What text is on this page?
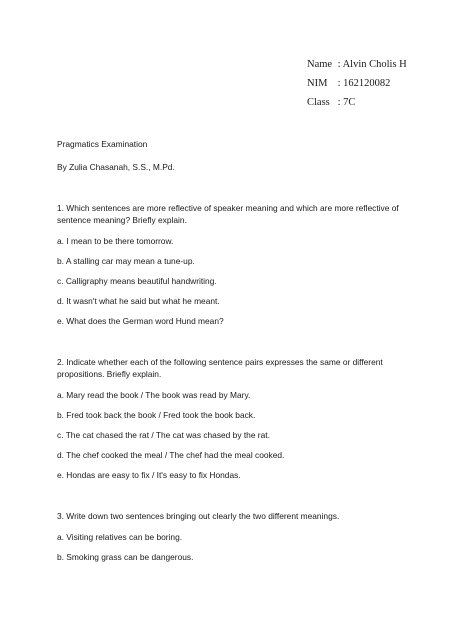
Name : Alvin Cholis H
NIM : 162120082
Class : 7C

Pragmatics Examination

By Zulia Chasanah, S.S., M.Pd.

1. Which sentences are more reflective of speaker meaning and which are more reflective of sentence meaning? Briefly explain.

a. I mean to be there tomorrow.

b. A stalling car may mean a tune-up.

c. Calligraphy means beautiful handwriting.

d. It wasn't what he said but what he meant.

e. What does the German word Hund mean?

2. Indicate whether each of the following sentence pairs expresses the same or different propositions. Briefly explain.

a. Mary read the book / The book was read by Mary.

b. Fred took back the book / Fred took the book back.

c. The cat chased the rat / The cat was chased by the rat.

d. The chef cooked the meal / The chef had the meal cooked.

e. Hondas are easy to fix / It's easy to fix Hondas.

3. Write down two sentences bringing out clearly the two different meanings.

a. Visiting relatives can be boring.

b. Smoking grass can be dangerous.
